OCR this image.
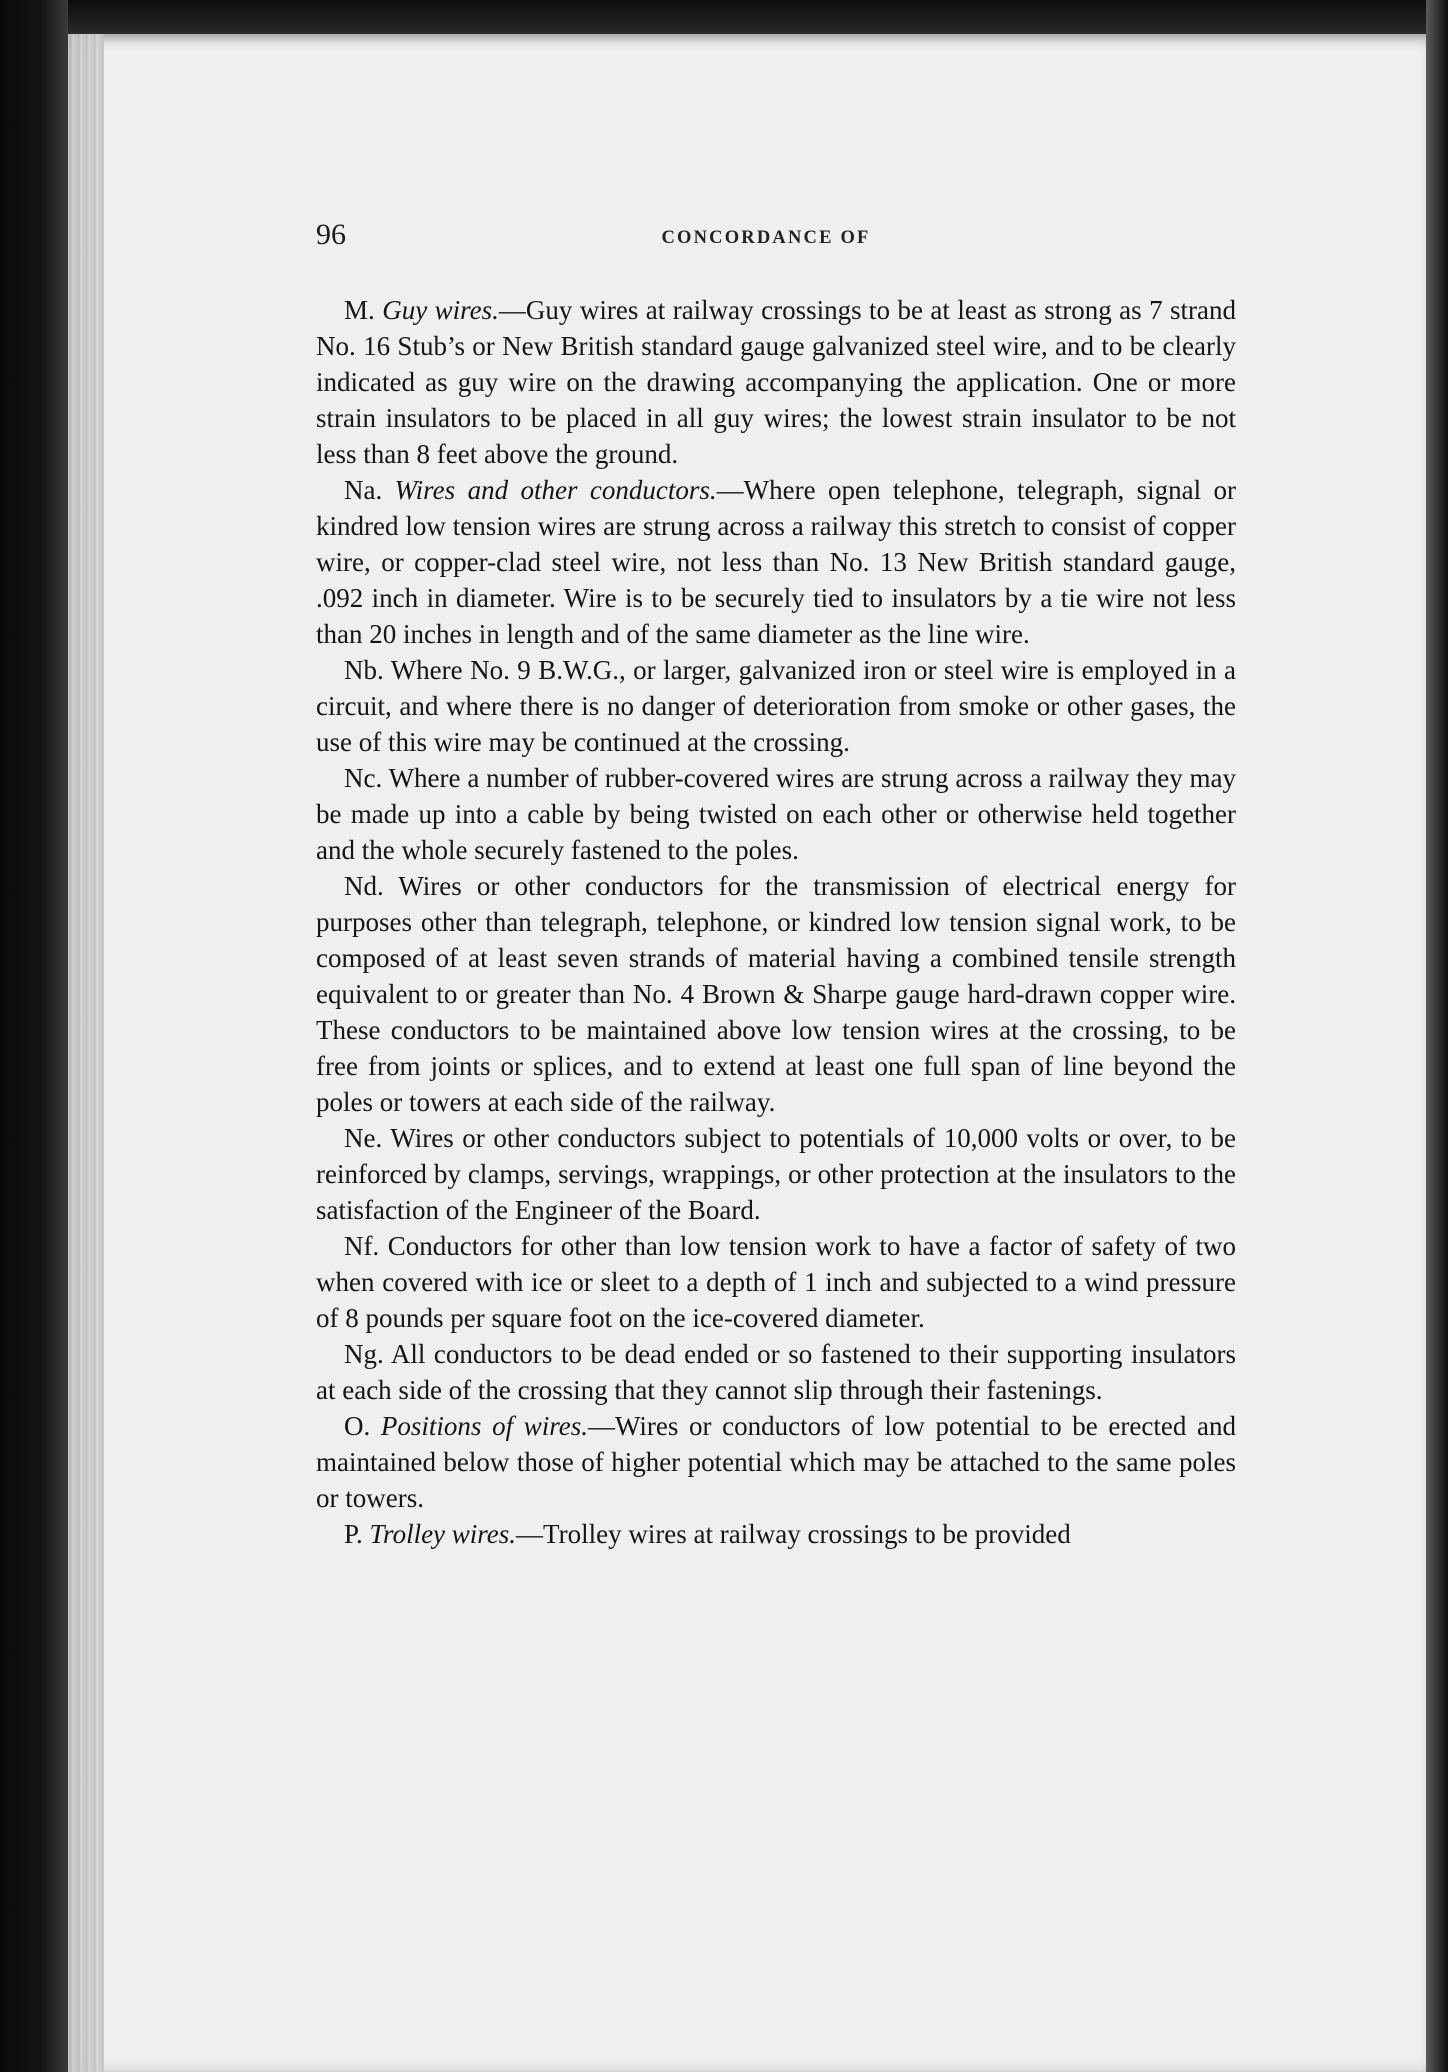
96	CONCORDANCE OF

M. Guy wires.—Guy wires at railway crossings to be at least as strong as 7 strand No. 16 Stub’s or New British standard gauge galvanized steel wire, and to be clearly indicated as guy wire on the drawing accompanying the application. One or more strain insulators to be placed in all guy wires; the lowest strain insulator to be not less than 8 feet above the ground.

Na. Wires and other conductors.—Where open telephone, telegraph, signal or kindred low tension wires are strung across a railway this stretch to consist of copper wire, or copper-clad steel wire, not less than No. 13 New British standard gauge, .092 inch in diameter. Wire is to be securely tied to insulators by a tie wire not less than 20 inches in length and of the same diameter as the line wire.

Nb. Where No. 9 B.W.G., or larger, galvanized iron or steel wire is employed in a circuit, and where there is no danger of deterioration from smoke or other gases, the use of this wire may be continued at the crossing.

Nc. Where a number of rubber-covered wires are strung across a railway they may be made up into a cable by being twisted on each other or otherwise held together and the whole securely fastened to the poles.

Nd. Wires or other conductors for the transmission of electrical energy for purposes other than telegraph, telephone, or kindred low tension signal work, to be composed of at least seven strands of material having a combined tensile strength equivalent to or greater than No. 4 Brown & Sharpe gauge hard-drawn copper wire. These conductors to be maintained above low tension wires at the crossing, to be free from joints or splices, and to extend at least one full span of line beyond the poles or towers at each side of the railway.

Ne. Wires or other conductors subject to potentials of 10,000 volts or over, to be reinforced by clamps, servings, wrappings, or other protection at the insulators to the satisfaction of the Engineer of the Board.

Nf. Conductors for other than low tension work to have a factor of safety of two when covered with ice or sleet to a depth of 1 inch and subjected to a wind pressure of 8 pounds per square foot on the ice-covered diameter.

Ng. All conductors to be dead ended or so fastened to their supporting insulators at each side of the crossing that they cannot slip through their fastenings.

O. Positions of wires.—Wires or conductors of low potential to be erected and maintained below those of higher potential which may be attached to the same poles or towers.

P. Trolley wires.—Trolley wires at railway crossings to be provided
